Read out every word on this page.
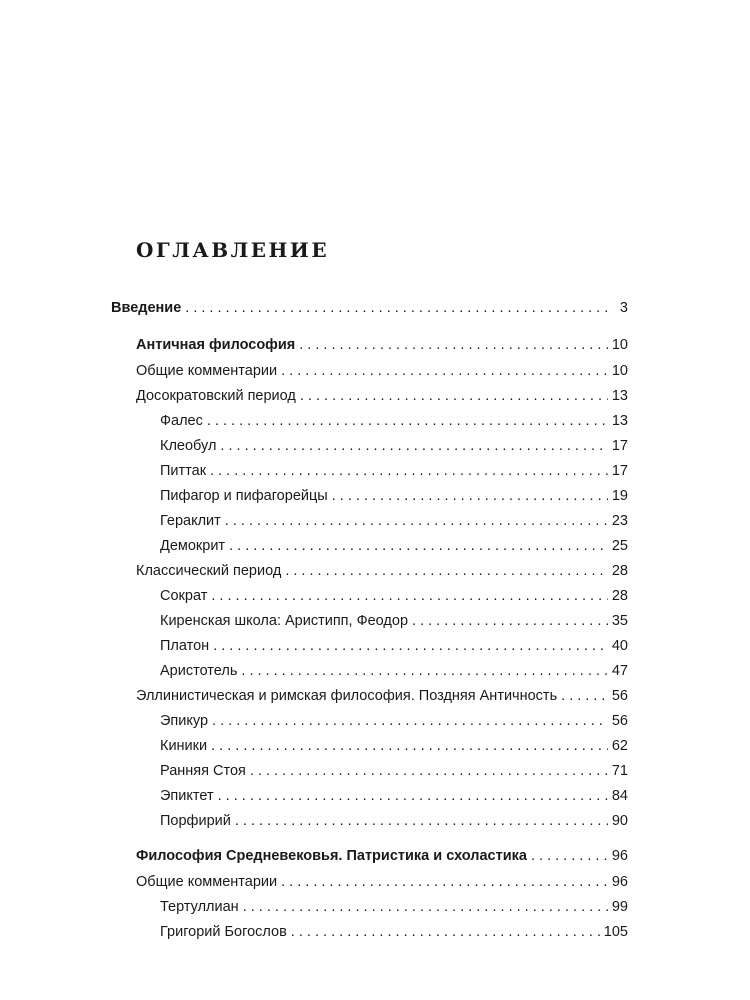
ОГЛАВЛЕНИЕ
Введение . . .	3
Античная философия . . .	10
Общие комментарии . . .	10
Досократовский период . . .	13
Фалес . . .	13
Клеобул . . .	17
Питтак . . .	17
Пифагор и пифагорейцы . . .	19
Гераклит . . .	23
Демокрит . . .	25
Классический период . . .	28
Сократ . . .	28
Киренская школа: Аристипп, Феодор . . .	35
Платон . . .	40
Аристотель . . .	47
Эллинистическая и римская философия. Поздняя Античность . . .	56
Эпикур . . .	56
Киники . . .	62
Ранняя Стоя . . .	71
Эпиктет . . .	84
Порфирий . . .	90
Философия Средневековья. Патристика и схоластика . . .	96
Общие комментарии . . .	96
Тертуллиан . . .	99
Григорий Богослов . . .	105
